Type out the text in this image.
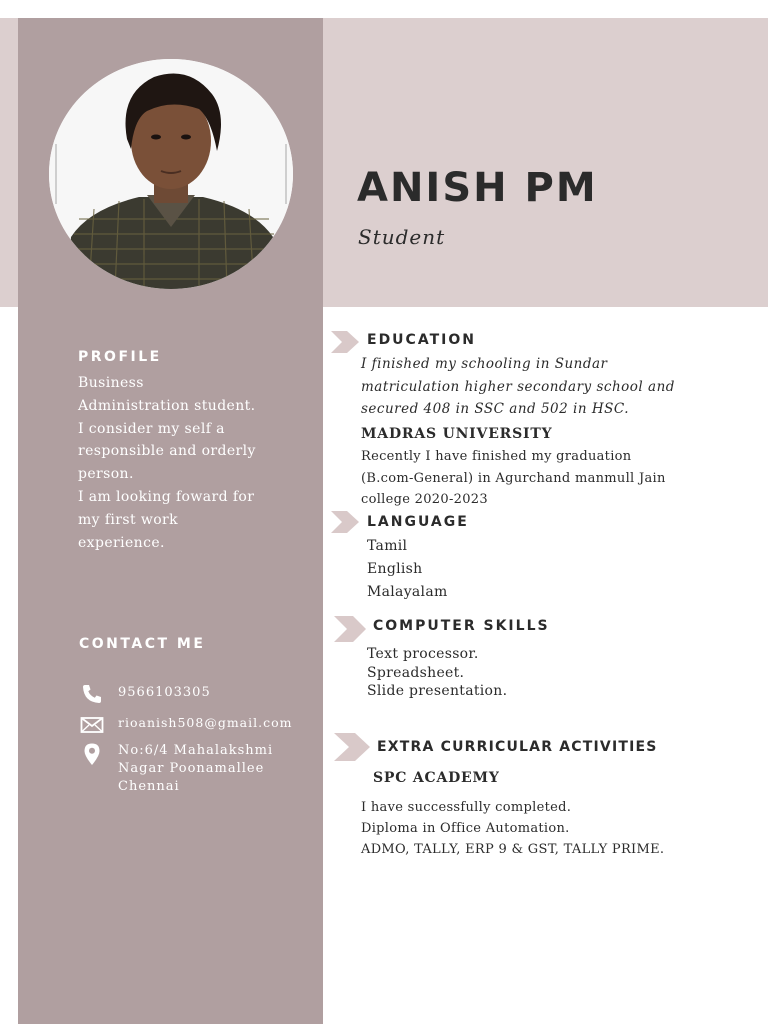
ANISH PM
Student
PROFILE
Business
Administration student.
I consider my self a
responsible and orderly
person.
I am looking foward for
my first work
experience.
CONTACT ME
9566103305
rioanish508@gmail.com
No:6/4 Mahalakshmi
Nagar Poonamallee
Chennai
EDUCATION
I finished my schooling in Sundar
matriculation higher secondary school and
secured 408 in SSC and 502 in HSC.
MADRAS UNIVERSITY
Recently I have finished my graduation
(B.com-General) in Agurchand manmull Jain
college 2020-2023
LANGUAGE
Tamil
English
Malayalam
COMPUTER SKILLS
Text processor.
Spreadsheet.
Slide presentation.
EXTRA CURRICULAR ACTIVITIES
SPC ACADEMY
I have successfully completed.
Diploma in Office Automation.
ADMO, TALLY, ERP 9 & GST, TALLY PRIME.
